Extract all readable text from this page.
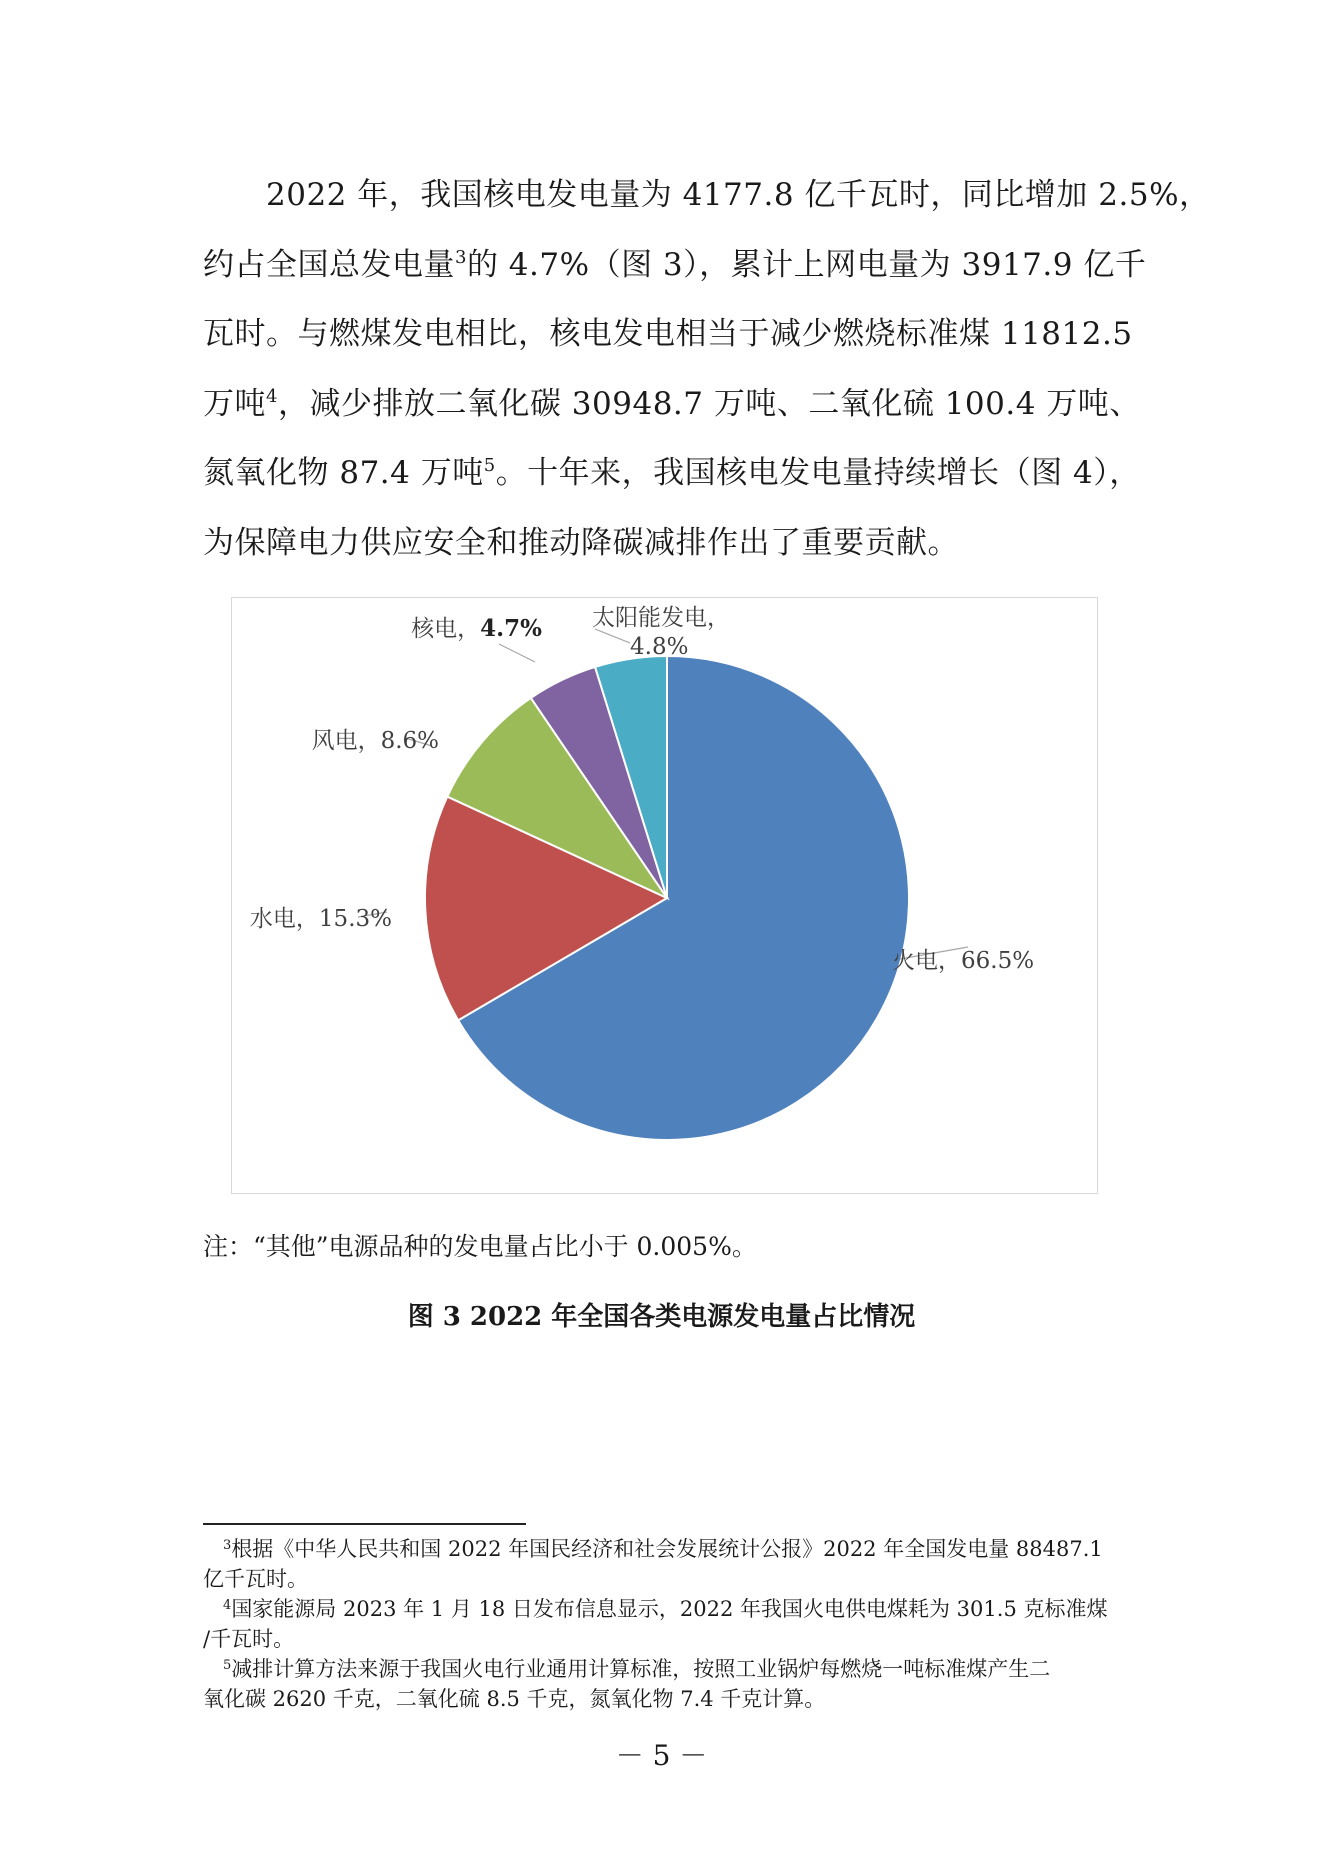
2022 年，我国核电发电量为 4177.8 亿千瓦时，同比增加 2.5%，
约占全国总发电量$^3$的 4.7%（图 3），累计上网电量为 3917.9 亿千
瓦时。与燃煤发电相比，核电发电相当于减少燃烧标准煤 11812.5
万吨$^4$，减少排放二氧化碳 30948.7 万吨、二氧化硫 100.4 万吨、
氮氧化物 87.4 万吨$^5$。十年来，我国核电发电量持续增长（图 4），
为保障电力供应安全和推动降碳减排作出了重要贡献。
火电，66.5%
水电，15.3%
风电，8.6%
核电，4.7% 太阳能发电， 4.8%
注：“其他”电源品种的发电量占比小于 0.005%。
图 3 2022 年全国各类电源发电量占比情况
$^3$根据《中华人民共和国 2022 年国民经济和社会发展统计公报》2022 年全国发电量 88487.1
亿千瓦时。
$^4$国家能源局 2023 年 1 月 18 日发布信息显示，2022 年我国火电供电煤耗为 301.5 克标准煤
/千瓦时。
$^5$减排计算方法来源于我国火电行业通用计算标准，按照工业锅炉每燃烧一吨标准煤产生二
氧化碳 2620 千克，二氧化硫 8.5 千克，氮氧化物 7.4 千克计算。
－ 5 －
